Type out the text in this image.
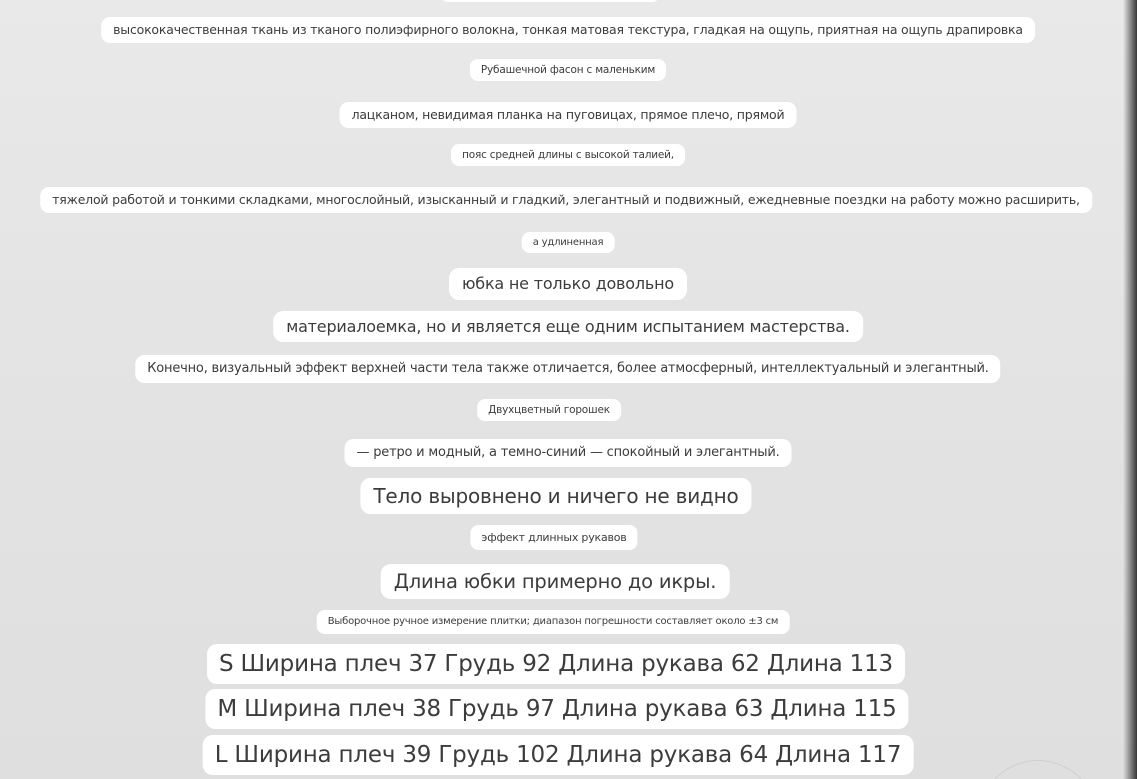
высококачественная ткань из тканого полиэфирного волокна, тонкая матовая текстура, гладкая на ощупь, приятная на ощупь драпировка
Рубашечной фасон с маленьким
лацканом, невидимая планка на пуговицах, прямое плечо, прямой
пояс средней длины с высокой талией,
тяжелой работой и тонкими складками, многослойный, изысканный и гладкий, элегантный и подвижный, ежедневные поездки на работу можно расширить,
а удлиненная
юбка не только довольно
материалоемка, но и является еще одним испытанием мастерства.
Конечно, визуальный эффект верхней части тела также отличается, более атмосферный, интеллектуальный и элегантный.
Двухцветный горошек
— ретро и модный, а темно-синий — спокойный и элегантный.
Тело выровнено и ничего не видно
эффект длинных рукавов
Длина юбки примерно до икры.
Выборочное ручное измерение плитки; диапазон погрешности составляет около ±3 см
S Ширина плеч 37 Грудь 92 Длина рукава 62 Длина 113
M Ширина плеч 38 Грудь 97 Длина рукава 63 Длина 115
L Ширина плеч 39 Грудь 102 Длина рукава 64 Длина 117
